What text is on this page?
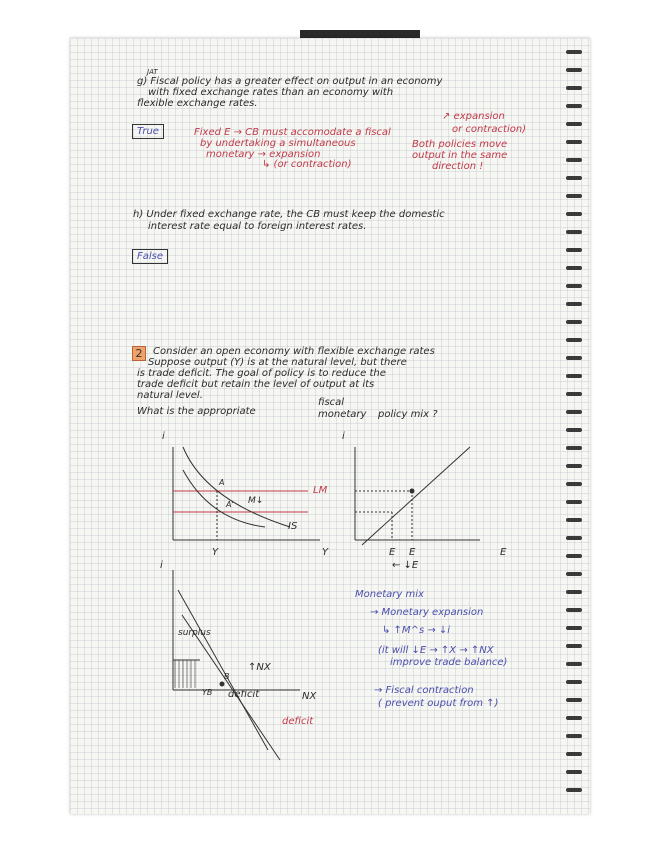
JAT
g) Fiscal policy has a greater effect on output in an economy
with fixed exchange rates than an economy with
flexible exchange rates.
True	Fixed E → CB must accomodate a fiscal
by undertaking a simultaneous
monetary → expansion
↳ (or contraction)
↗ expansion
or contraction)
Both policies move
output in the same
direction !
h) Under fixed exchange rate, the CB must keep the domestic
interest rate equal to foreign interest rates.
False
2	Consider an open economy with flexible exchange rates
Suppose output (Y) is at the natural level, but there
is trade deficit. The goal of policy is to reduce the
trade deficit but retain the level of output at its
natural level.
What is the appropriate
fiscal
monetary policy mix ?
i
Y
Y
LM
IS
A
A' M↓
i
E
E E
← ↓E
i
surplus
deficit	NX
↑NX
YB
B
deficit
Monetary mix
→ Monetary expansion
↳ ↑M^s → ↓i
(it will ↓E → ↑X → ↑NX
improve trade balance)
→ Fiscal contraction
( prevent ouput from ↑)
